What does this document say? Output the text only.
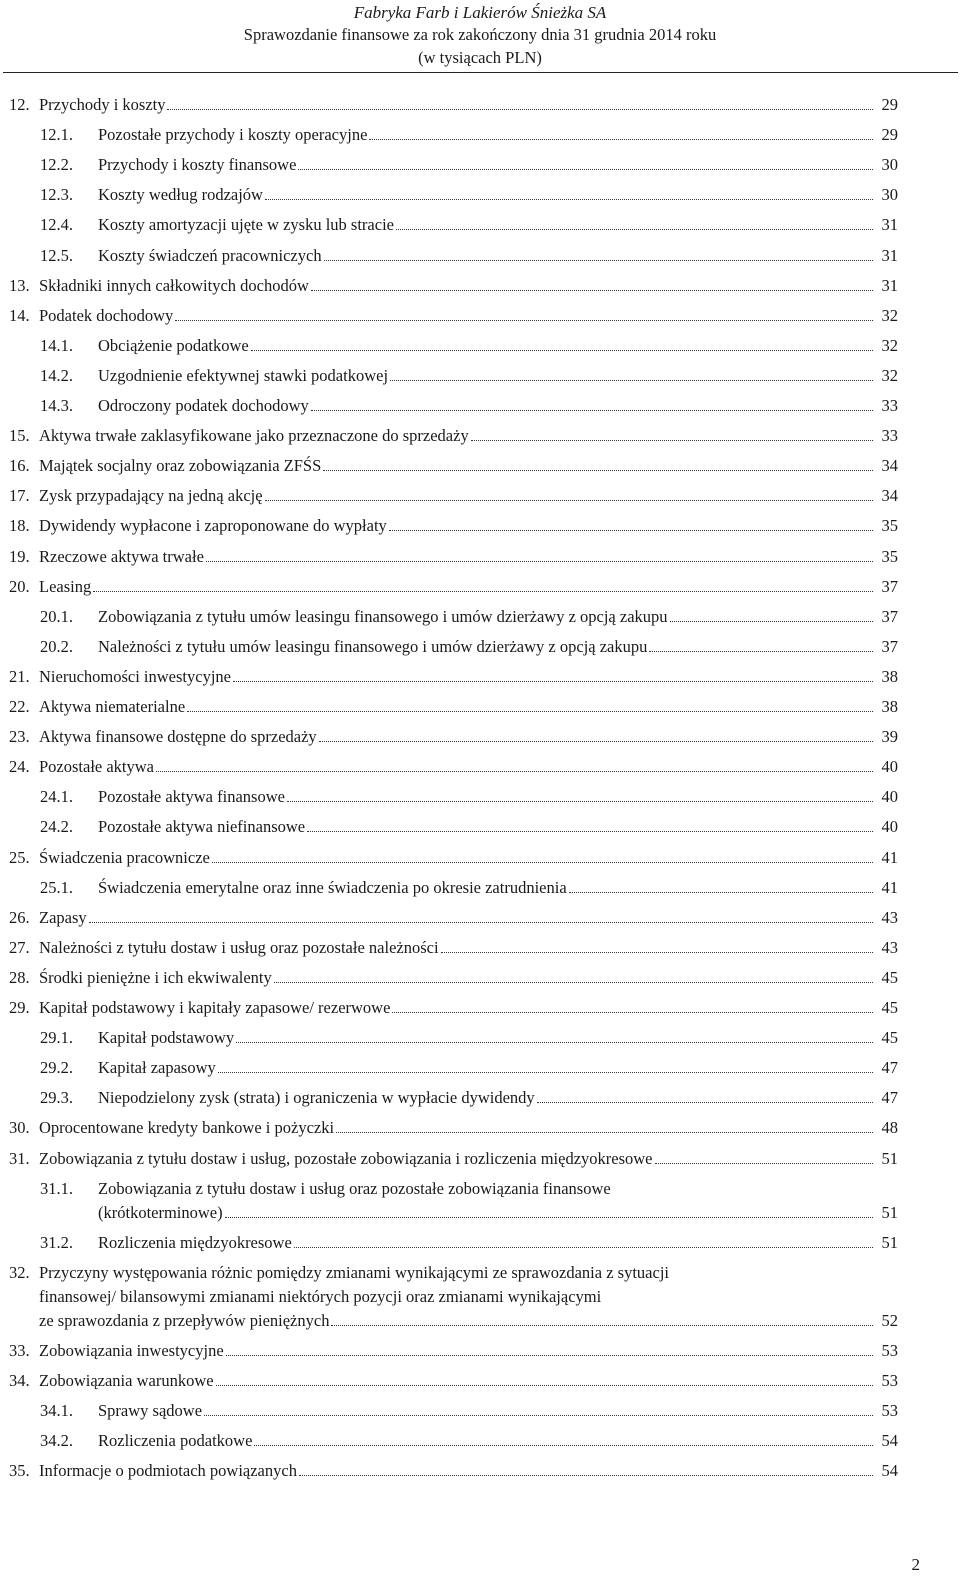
Fabryka Farb i Lakierów Śnieżka SA
Sprawozdanie finansowe za rok zakończony dnia 31 grudnia 2014 roku
(w tysiącach PLN)
12. Przychody i koszty	29
12.1. Pozostałe przychody i koszty operacyjne	29
12.2. Przychody i koszty finansowe	30
12.3. Koszty według rodzajów	30
12.4. Koszty amortyzacji ujęte w zysku lub stracie	31
12.5. Koszty świadczeń pracowniczych	31
13. Składniki innych całkowitych dochodów	31
14. Podatek dochodowy	32
14.1. Obciążenie podatkowe	32
14.2. Uzgodnienie efektywnej stawki podatkowej	32
14.3. Odroczony podatek dochodowy	33
15. Aktywa trwałe zaklasyfikowane jako przeznaczone do sprzedaży	33
16. Majątek socjalny oraz zobowiązania ZFŚS	34
17. Zysk przypadający na jedną akcję	34
18. Dywidendy wypłacone i zaproponowane do wypłaty	35
19. Rzeczowe aktywa trwałe	35
20. Leasing	37
20.1. Zobowiązania z tytułu umów leasingu finansowego i umów dzierżawy z opcją zakupu	37
20.2. Należności z tytułu umów leasingu finansowego i umów dzierżawy z opcją zakupu	37
21. Nieruchomości inwestycyjne	38
22. Aktywa niematerialne	38
23. Aktywa finansowe dostępne do sprzedaży	39
24. Pozostałe aktywa	40
24.1. Pozostałe aktywa finansowe	40
24.2. Pozostałe aktywa niefinansowe	40
25. Świadczenia pracownicze	41
25.1. Świadczenia emerytalne oraz inne świadczenia po okresie zatrudnienia	41
26. Zapasy	43
27. Należności z tytułu dostaw i usług oraz pozostałe należności	43
28. Środki pieniężne i ich ekwiwalenty	45
29. Kapitał podstawowy i kapitały zapasowe/ rezerwowe	45
29.1. Kapitał podstawowy	45
29.2. Kapitał zapasowy	47
29.3. Niepodzielony zysk (strata) i ograniczenia w wypłacie dywidendy	47
30. Oprocentowane kredyty bankowe i pożyczki	48
31. Zobowiązania z tytułu dostaw i usług, pozostałe zobowiązania i rozliczenia międzyokresowe	51
31.1. Zobowiązania z tytułu dostaw i usług oraz pozostałe zobowiązania finansowe
(krótkoterminowe)	51
31.2. Rozliczenia międzyokresowe	51
32. Przyczyny występowania różnic pomiędzy zmianami wynikającymi ze sprawozdania z sytuacji
finansowej/ bilansowymi zmianami niektórych pozycji oraz zmianami wynikającymi
ze sprawozdania z przepływów pieniężnych	52
33. Zobowiązania inwestycyjne	53
34. Zobowiązania warunkowe	53
34.1. Sprawy sądowe	53
34.2. Rozliczenia podatkowe	54
35. Informacje o podmiotach powiązanych	54
2
